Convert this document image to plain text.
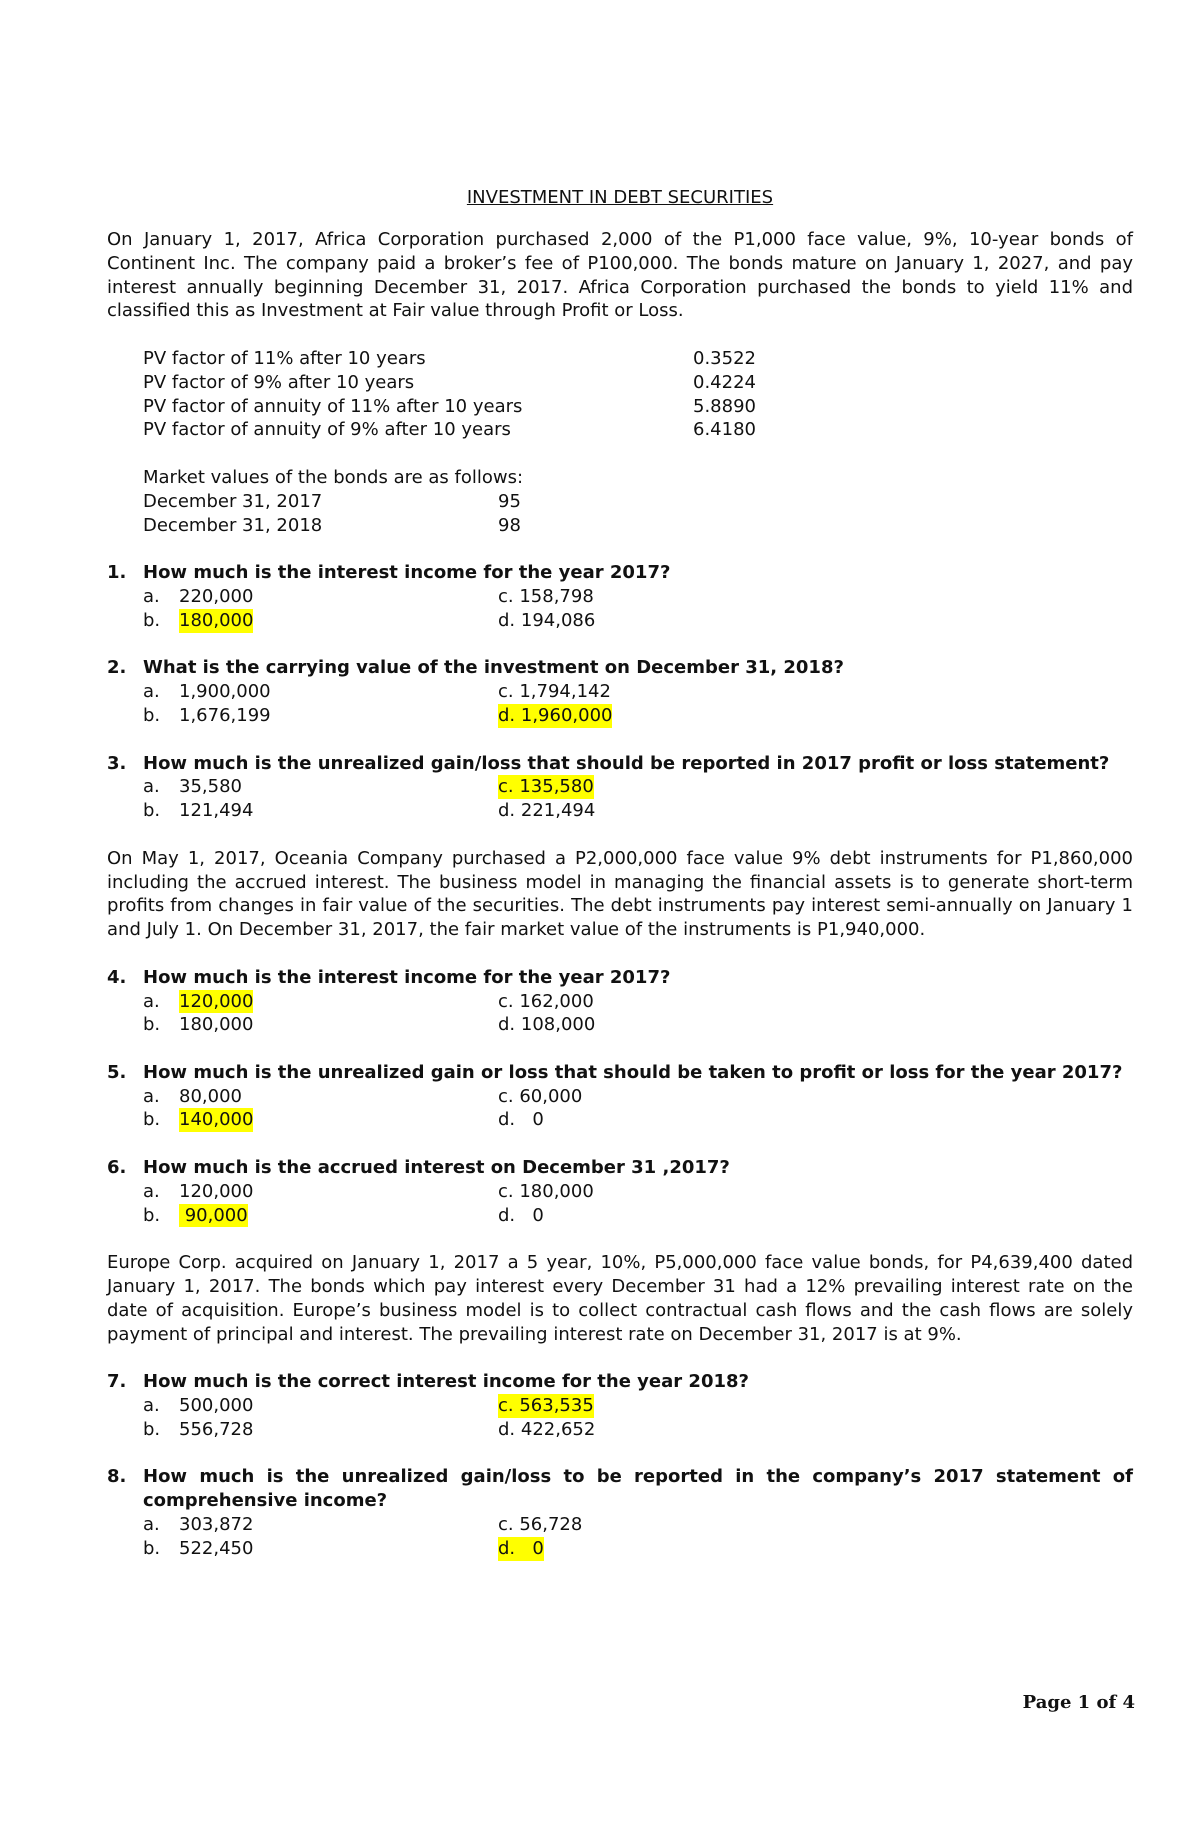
INVESTMENT IN DEBT SECURITIES

On January 1, 2017, Africa Corporation purchased 2,000 of the P1,000 face value, 9%, 10-year bonds of Continent Inc. The company paid a broker’s fee of P100,000. The bonds mature on January 1, 2027, and pay interest annually beginning December 31, 2017. Africa Corporation purchased the bonds to yield 11% and classified this as Investment at Fair value through Profit or Loss.

PV factor of 11% after 10 years	0.3522
PV factor of 9% after 10 years	0.4224
PV factor of annuity of 11% after 10 years	5.8890
PV factor of annuity of 9% after 10 years	6.4180
Market values of the bonds are as follows:
December 31, 2017	95
December 31, 2018	98
1. How much is the interest income for the year 2017?
a.	220,000	c. 158,798
b.	180,000	d. 194,086
2. What is the carrying value of the investment on December 31, 2018?
a.	1,900,000	c. 1,794,142
b.	1,676,199	d. 1,960,000
3. How much is the unrealized gain/loss that should be reported in 2017 profit or loss statement?
a.	35,580	c. 135,580
b.	121,494	d. 221,494

On May 1, 2017, Oceania Company purchased a P2,000,000 face value 9% debt instruments for P1,860,000 including the accrued interest. The business model in managing the financial assets is to generate short-term profits from changes in fair value of the securities. The debt instruments pay interest semi-annually on January 1 and July 1. On December 31, 2017, the fair market value of the instruments is P1,940,000.

4. How much is the interest income for the year 2017?
a.	120,000	c. 162,000
b.	180,000	d. 108,000
5. How much is the unrealized gain or loss that should be taken to profit or loss for the year 2017?
a.	80,000	c. 60,000
b.	140,000	d.   0
6. How much is the accrued interest on December 31 ,2017?
a.	120,000	c. 180,000
b.	90,000	d.   0

Europe Corp. acquired on January 1, 2017 a 5 year, 10%, P5,000,000 face value bonds, for P4,639,400 dated January 1, 2017. The bonds which pay interest every December 31 had a 12% prevailing interest rate on the date of acquisition. Europe’s business model is to collect contractual cash flows and the cash flows are solely payment of principal and interest. The prevailing interest rate on December 31, 2017 is at 9%.

7. How much is the correct interest income for the year 2018?
a.	500,000	c. 563,535
b.	556,728	d. 422,652
8. How much is the unrealized gain/loss to be reported in the company’s 2017 statement of comprehensive income?
a.	303,872	c. 56,728
b.	522,450	d.   0
Page 1 of 4
